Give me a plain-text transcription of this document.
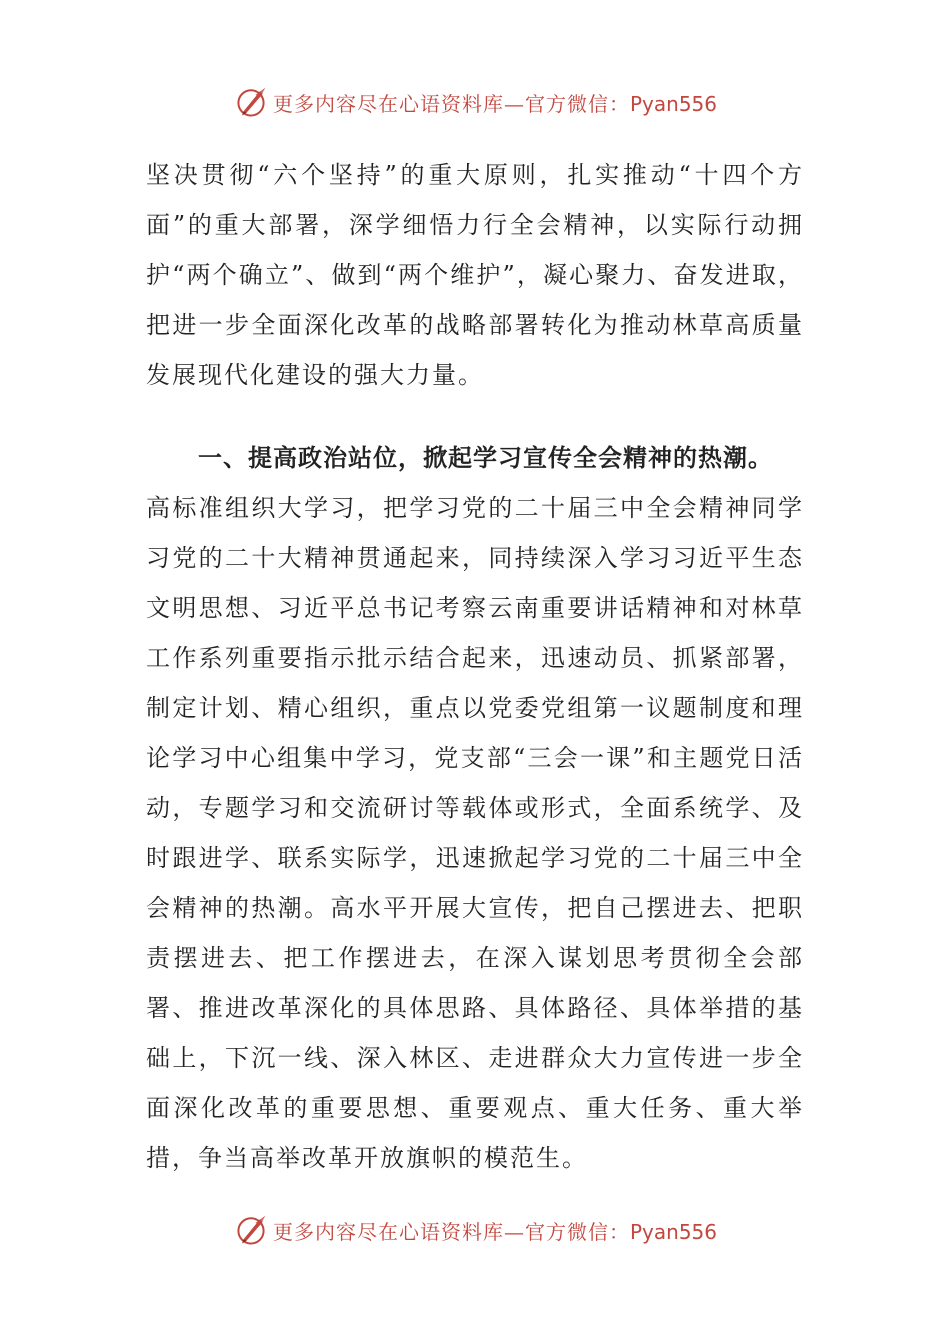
更多内容尽在心语资料库—官方微信：Pyan556

坚决贯彻“六个坚持”的重大原则，扎实推动“十四个方面”的重大部署，深学细悟力行全会精神，以实际行动拥护“两个确立”、做到“两个维护”，凝心聚力、奋发进取，把进一步全面深化改革的战略部署转化为推动林草高质量发展现代化建设的强大力量。

一、提高政治站位，掀起学习宣传全会精神的热潮。

高标准组织大学习，把学习党的二十届三中全会精神同学习党的二十大精神贯通起来，同持续深入学习习近平生态文明思想、习近平总书记考察云南重要讲话精神和对林草工作系列重要指示批示结合起来，迅速动员、抓紧部署，制定计划、精心组织，重点以党委党组第一议题制度和理论学习中心组集中学习，党支部“三会一课”和主题党日活动，专题学习和交流研讨等载体或形式，全面系统学、及时跟进学、联系实际学，迅速掀起学习党的二十届三中全会精神的热潮。高水平开展大宣传，把自己摆进去、把职责摆进去、把工作摆进去，在深入谋划思考贯彻全会部署、推进改革深化的具体思路、具体路径、具体举措的基础上，下沉一线、深入林区、走进群众大力宣传进一步全面深化改革的重要思想、重要观点、重大任务、重大举措，争当高举改革开放旗帜的模范生。

更多内容尽在心语资料库—官方微信：Pyan556
